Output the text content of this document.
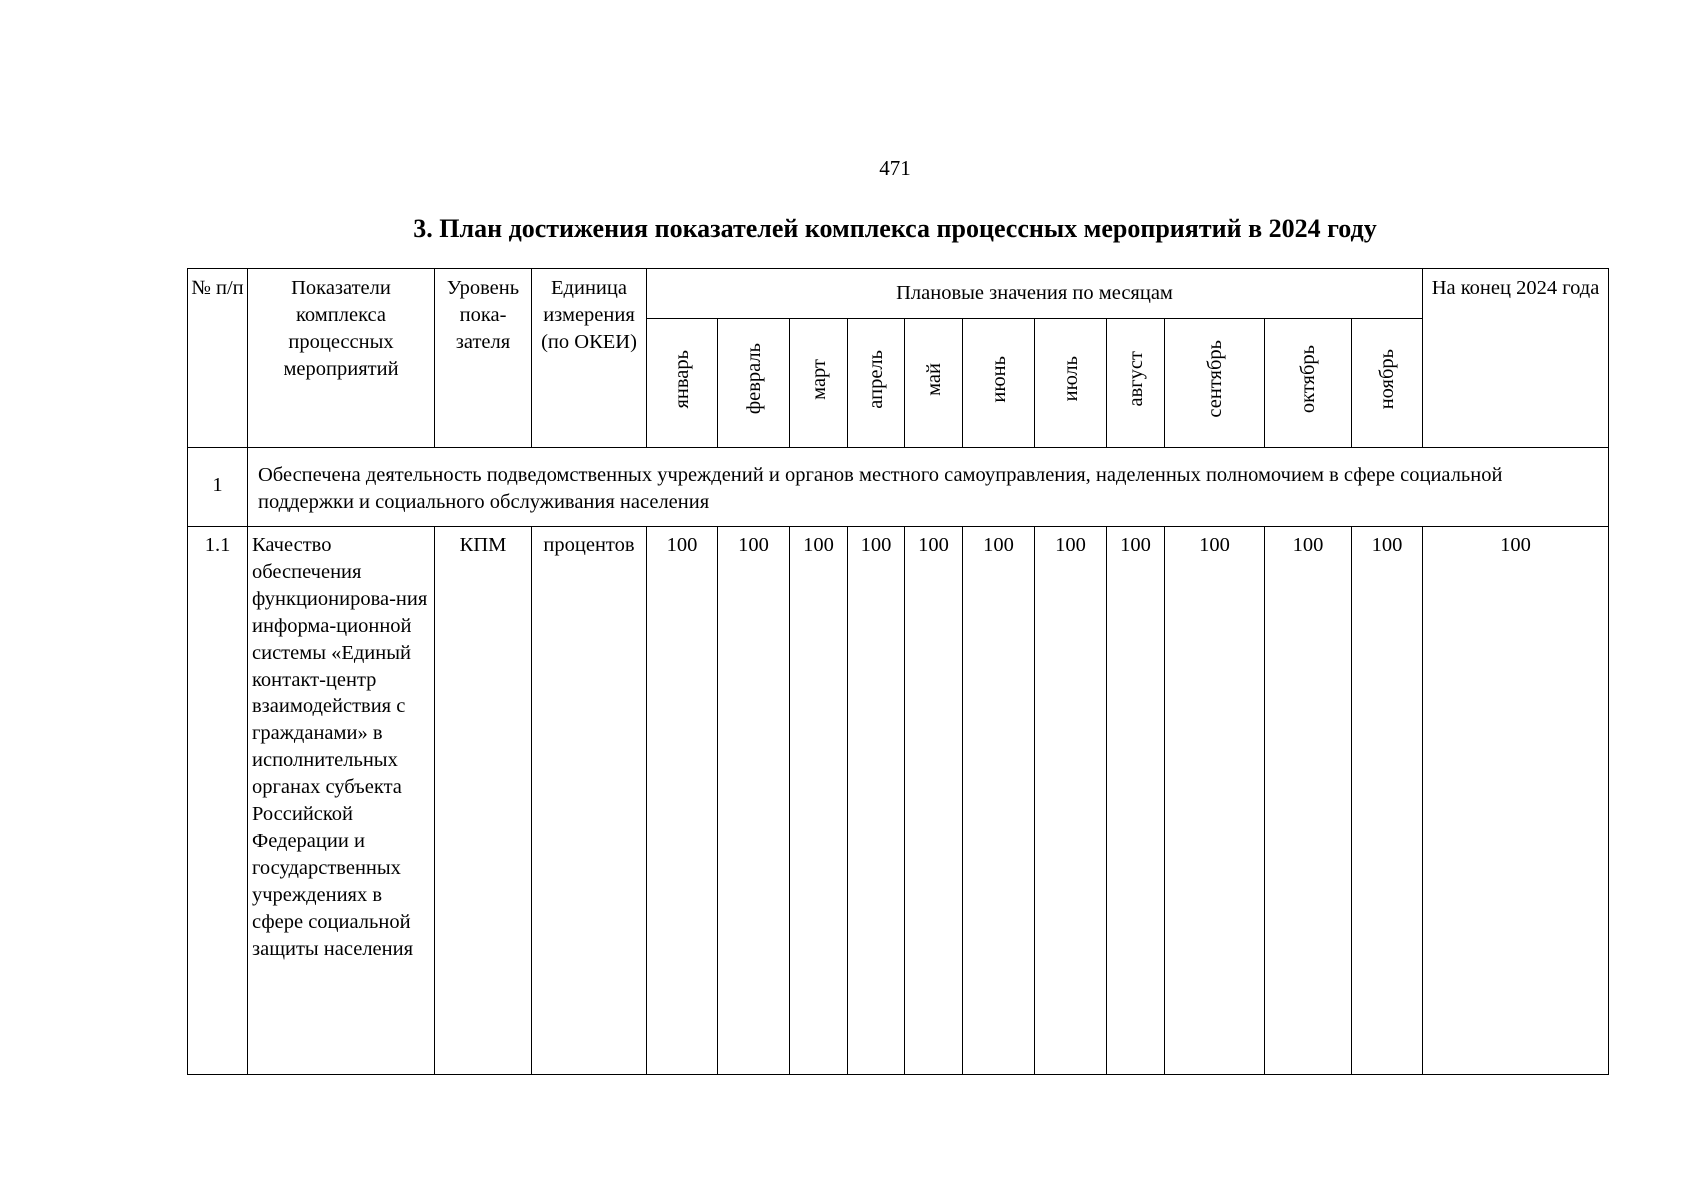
471
3. План достижения показателей комплекса процессных мероприятий в 2024 году
№ п/п	Показатели комплекса процессных мероприятий	Уровень пока-зателя	Единица измерения (по ОКЕИ)	Плановые значения по месяцам											На конец 2024 года
				январь	февраль	март	апрель	май	июнь	июль	август	сентябрь	октябрь	ноябрь	
1	Обеспечена деятельность подведомственных учреждений и органов местного самоуправления, наделенных полномочием в сфере социальной поддержки и социального обслуживания населения														
1.1	Качество обеспечения функционирова-ния информа-ционной системы «Единый контакт-центр взаимодействия с гражданами» в исполнительных органах субъекта Российской Федерации и государственных учреждениях в сфере социальной защиты населения	КПМ	процентов	100	100	100	100	100	100	100	100	100	100	100	100
